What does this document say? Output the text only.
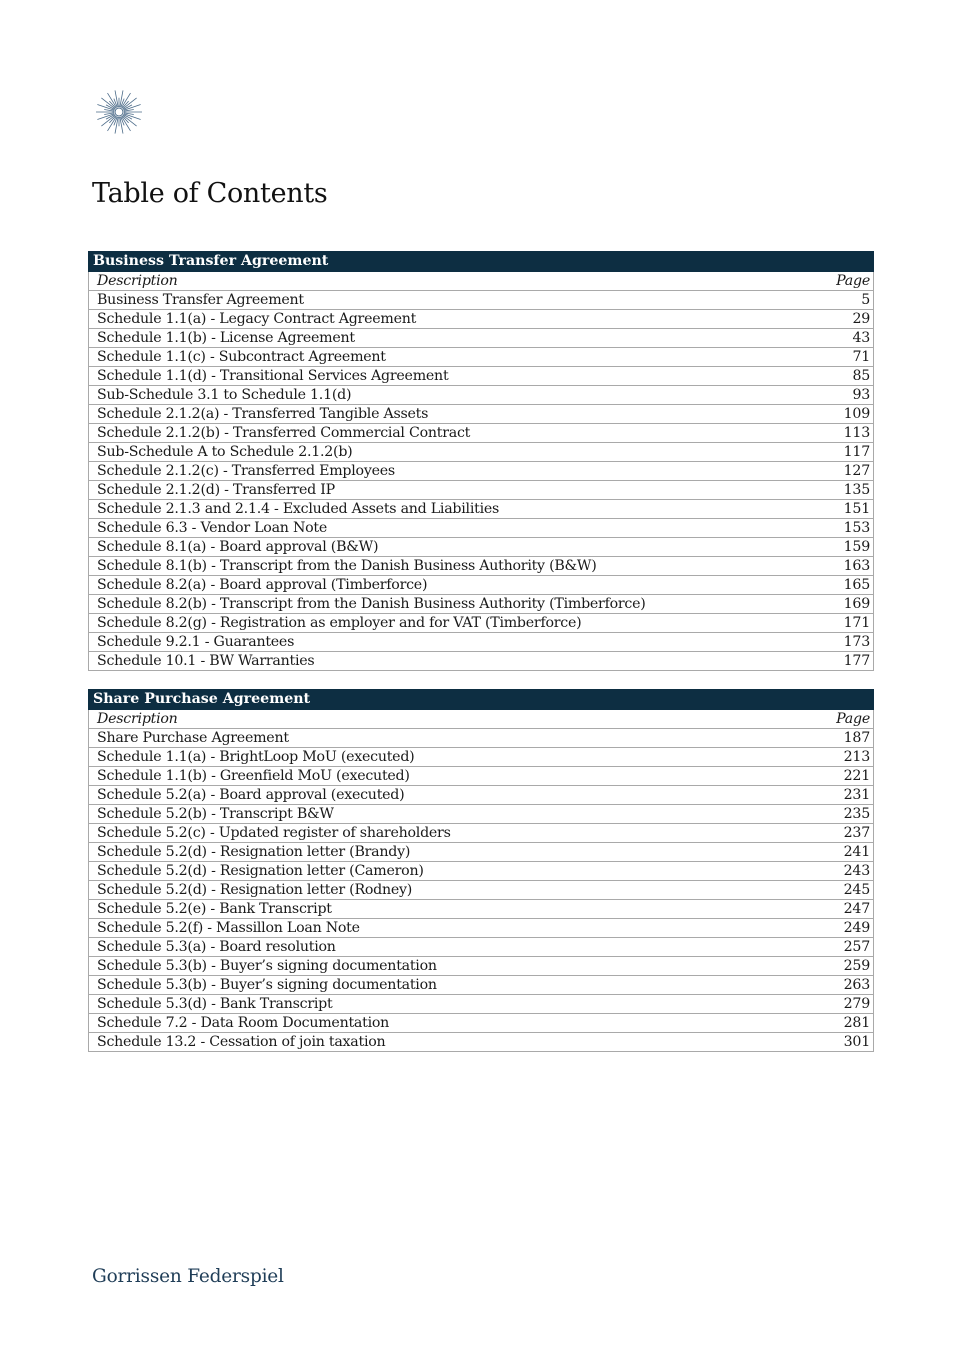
Table of Contents
Business Transfer Agreement	
Description	Page
Business Transfer Agreement	5
Schedule 1.1(a) - Legacy Contract Agreement	29
Schedule 1.1(b) - License Agreement	43
Schedule 1.1(c) - Subcontract Agreement	71
Schedule 1.1(d) - Transitional Services Agreement	85
Sub-Schedule 3.1 to Schedule 1.1(d)	93
Schedule 2.1.2(a) - Transferred Tangible Assets	109
Schedule 2.1.2(b) - Transferred Commercial Contract	113
Sub-Schedule A to Schedule 2.1.2(b)	117
Schedule 2.1.2(c) - Transferred Employees	127
Schedule 2.1.2(d) - Transferred IP	135
Schedule 2.1.3 and 2.1.4 - Excluded Assets and Liabilities	151
Schedule 6.3 - Vendor Loan Note	153
Schedule 8.1(a) - Board approval (B&W)	159
Schedule 8.1(b) - Transcript from the Danish Business Authority (B&W)	163
Schedule 8.2(a) - Board approval (Timberforce)	165
Schedule 8.2(b) - Transcript from the Danish Business Authority (Timberforce)	169
Schedule 8.2(g) - Registration as employer and for VAT (Timberforce)	171
Schedule 9.2.1 - Guarantees	173
Schedule 10.1 - BW Warranties	177
Share Purchase Agreement	
Description	Page
Share Purchase Agreement	187
Schedule 1.1(a) - BrightLoop MoU (executed)	213
Schedule 1.1(b) - Greenfield MoU (executed)	221
Schedule 5.2(a) - Board approval (executed)	231
Schedule 5.2(b) - Transcript B&W	235
Schedule 5.2(c) - Updated register of shareholders	237
Schedule 5.2(d) - Resignation letter (Brandy)	241
Schedule 5.2(d) - Resignation letter (Cameron)	243
Schedule 5.2(d) - Resignation letter (Rodney)	245
Schedule 5.2(e) - Bank Transcript	247
Schedule 5.2(f) - Massillon Loan Note	249
Schedule 5.3(a) - Board resolution	257
Schedule 5.3(b) - Buyer’s signing documentation	259
Schedule 5.3(b) - Buyer’s signing documentation	263
Schedule 5.3(d) - Bank Transcript	279
Schedule 7.2 - Data Room Documentation	281
Schedule 13.2 - Cessation of join taxation	301
Gorrissen Federspiel
